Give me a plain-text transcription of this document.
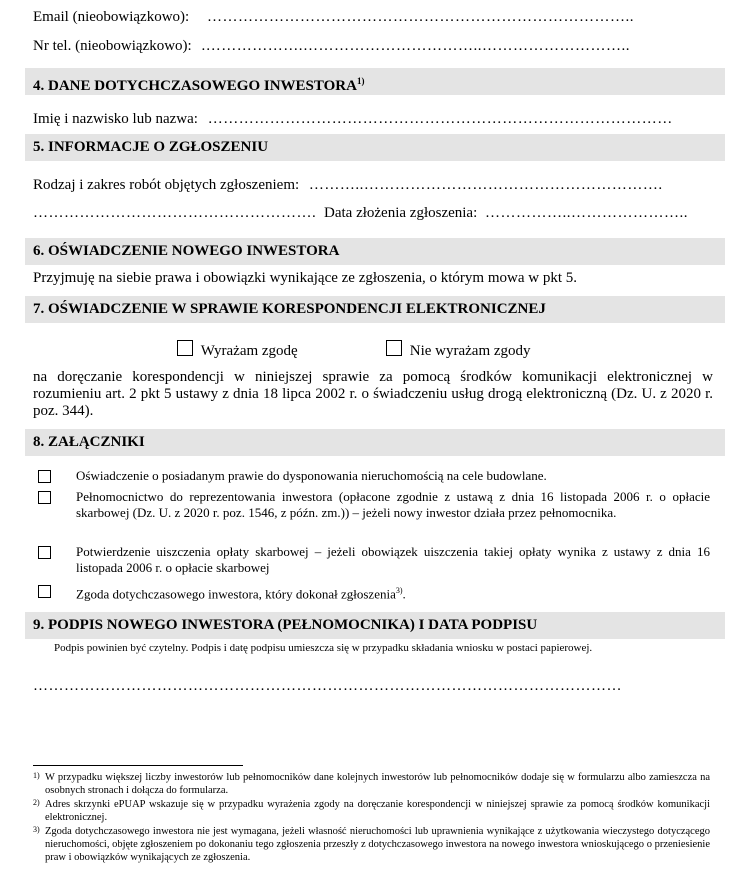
Email (nieobowiązkowo): ………………………………………………………………………..
Nr tel. (nieobowiązkowo): .……………….……………………………..………………………..
4. DANE DOTYCHCZASOWEGO INWESTORA$^{1)}$
Imię i nazwisko lub nazwa: ………………………………………………………………………………
5. INFORMACJE O ZGŁOSZENIU
Rodzaj i zakres robót objętych zgłoszeniem: ………..………………………………………………….
………………………………………………. Data złożenia zgłoszenia: ……………..…………………..
6. OŚWIADCZENIE NOWEGO INWESTORA
Przyjmuję na siebie prawa i obowiązki wynikające ze zgłoszenia, o którym mowa w pkt 5.
7. OŚWIADCZENIE W SPRAWIE KORESPONDENCJI ELEKTRONICZNEJ
Wyrażam zgodę	Nie wyrażam zgody
na doręczanie korespondencji w niniejszej sprawie za pomocą środków komunikacji elektronicznej w rozumieniu art. 2 pkt 5 ustawy z dnia 18 lipca 2002 r. o świadczeniu usług drogą elektroniczną (Dz. U. z 2020 r. poz. 344).
8. ZAŁĄCZNIKI
Oświadczenie o posiadanym prawie do dysponowania nieruchomością na cele budowlane.
Pełnomocnictwo do reprezentowania inwestora (opłacone zgodnie z ustawą z dnia 16 listopada 2006 r. o opłacie skarbowej (Dz. U. z 2020 r. poz. 1546, z późn. zm.)) – jeżeli nowy inwestor działa przez pełnomocnika.
Potwierdzenie uiszczenia opłaty skarbowej – jeżeli obowiązek uiszczenia takiej opłaty wynika z ustawy z dnia 16 listopada 2006 r. o opłacie skarbowej
Zgoda dotychczasowego inwestora, który dokonał zgłoszenia$^{3)}$.
9. PODPIS NOWEGO INWESTORA (PEŁNOMOCNIKA) I DATA PODPISU
Podpis powinien być czytelny. Podpis i datę podpisu umieszcza się w przypadku składania wniosku w postaci papierowej.
……………………………………………………………………………………………………
1) W przypadku większej liczby inwestorów lub pełnomocników dane kolejnych inwestorów lub pełnomocników dodaje się w formularzu albo zamieszcza na osobnych stronach i dołącza do formularza.
2) Adres skrzynki ePUAP wskazuje się w przypadku wyrażenia zgody na doręczanie korespondencji w niniejszej sprawie za pomocą środków komunikacji elektronicznej.
3) Zgoda dotychczasowego inwestora nie jest wymagana, jeżeli własność nieruchomości lub uprawnienia wynikające z użytkowania wieczystego dotyczącego nieruchomości, objęte zgłoszeniem po dokonaniu tego zgłoszenia przeszły z dotychczasowego inwestora na nowego inwestora wnioskującego o przeniesienie praw i obowiązków wynikających ze zgłoszenia.
